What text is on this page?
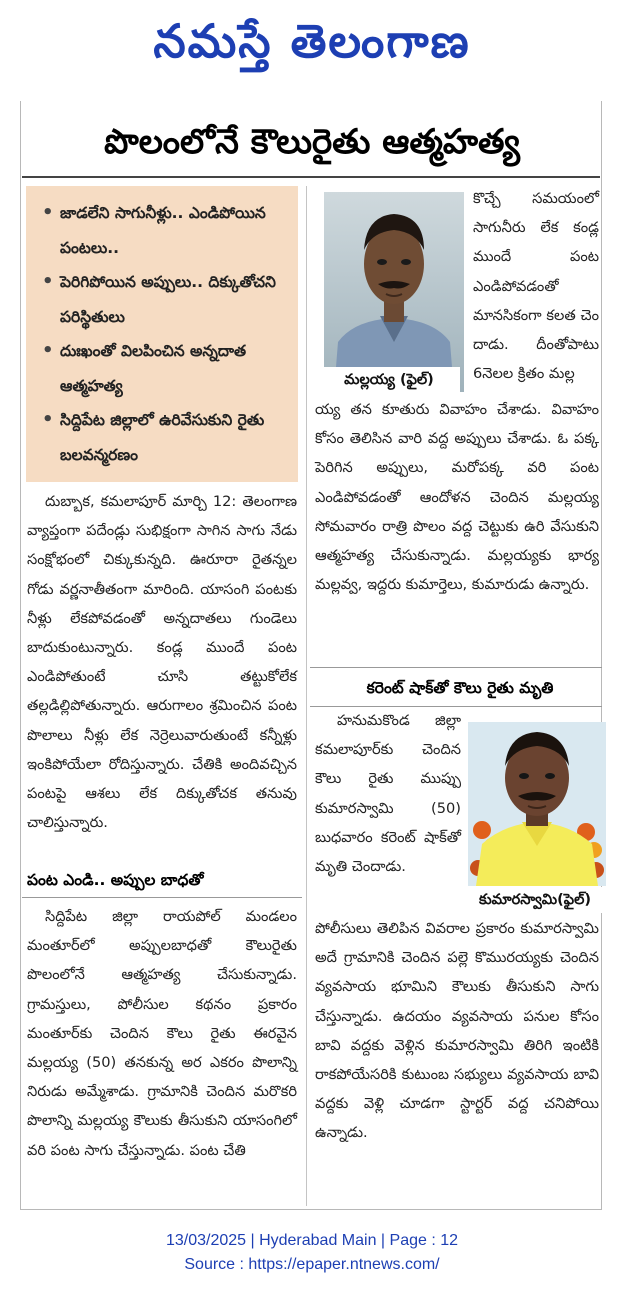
నమస్తే తెలంగాణ
పొలంలోనే కౌలురైతు ఆత్మహత్య
• జాడలేని సాగునీళ్లు.. ఎండిపోయిన పంటలు..
• పెరిగిపోయిన అప్పులు.. దిక్కుతోచని పరిస్థితులు
• దుఃఖంతో విలపించిన అన్నదాత ఆత్మహత్య
• సిద్దిపేట జిల్లాలో ఉరివేసుకుని రైతు బలవన్మరణం
మల్లయ్య (ఫైల్)
కుమారస్వామి(ఫైల్)
దుబ్బాక, కమలాపూర్ మార్చి 12: తెలంగాణ వ్యాప్తంగా పదేండ్లు సుభిక్షంగా సాగిన సాగు నేడు సంక్షోభంలో చిక్కుకున్నది. ఊరూరా రైతన్నల గోడు వర్ణనాతీతంగా మారింది. యాసంగి పంటకు నీళ్లు లేకపోవడంతో అన్నదాతలు గుండెలు బాదుకుంటున్నారు. కండ్ల ముందే పంట ఎండిపోతుంటే చూసి తట్టుకోలేక తల్లడిల్లిపోతున్నారు. ఆరుగాలం శ్రమించిన పంట పొలాలు నీళ్లు లేక నెర్రెలువారుతుంటే కన్నీళ్లు ఇంకిపోయేలా రోదిస్తున్నారు. చేతికి అందివచ్చిన పంటపై ఆశలు లేక దిక్కుతోచక తనువు చాలిస్తున్నారు.
పంట ఎండి.. అప్పుల బాధతో
సిద్దిపేట జిల్లా రాయపోల్ మండలం మంతూర్‌లో అప్పులబాధతో కౌలురైతు పొలంలోనే ఆత్మహత్య చేసుకున్నాడు. గ్రామస్తులు, పోలీసుల కథనం ప్రకారం మంతూర్‌కు చెందిన కౌలు రైతు ఈరవైన మల్లయ్య (50) తనకున్న అర ఎకరం పొలాన్ని నిరుడు అమ్మేశాడు. గ్రామానికి చెందిన మరొకరి పొలాన్ని మల్లయ్య కౌలుకు తీసుకుని యాసంగిలో వరి పంట సాగు చేస్తున్నాడు. పంట చేతి
కొచ్చే సమయంలో సాగునీరు లేక కండ్ల ముందే పంట ఎండిపోవడంతో మానసికంగా కలత చెం దాడు. దీంతోపాటు 6నెలల క్రితం మల్ల
య్య తన కూతురు వివాహం చేశాడు. వివాహం కోసం తెలిసిన వారి వద్ద అప్పులు చేశాడు. ఓ పక్క పెరిగిన అప్పులు, మరోపక్క వరి పంట ఎండిపోవడంతో ఆందోళన చెందిన మల్లయ్య సోమవారం రాత్రి పొలం వద్ద చెట్టుకు ఉరి వేసుకుని ఆత్మహత్య చేసుకున్నాడు. మల్లయ్యకు భార్య మల్లవ్వ, ఇద్దరు కుమార్తెలు, కుమారుడు ఉన్నారు.
కరెంట్ షాక్‌తో కౌలు రైతు మృతి
హనుమకొండ జిల్లా కమలాపూర్‌కు చెందిన కౌలు రైతు ముప్పు కుమారస్వామి (50) బుధవారం కరెంట్ షాక్‌తో మృతి చెందాడు.
పోలీసులు తెలిపిన వివరాల ప్రకారం కుమారస్వామి అదే గ్రామానికి చెందిన పల్లె కొమురయ్యకు చెందిన వ్యవసాయ భూమిని కౌలుకు తీసుకుని సాగు చేస్తున్నాడు. ఉదయం వ్యవసాయ పనుల కోసం బావి వద్దకు వెళ్లిన కుమారస్వామి తిరిగి ఇంటికి రాకపోయేసరికి కుటుంబ సభ్యులు వ్యవసాయ బావి వద్దకు వెళ్లి చూడగా స్టార్టర్ వద్ద చనిపోయి ఉన్నాడు.
13/03/2025 | Hyderabad Main | Page : 12
Source : https://epaper.ntnews.com/
